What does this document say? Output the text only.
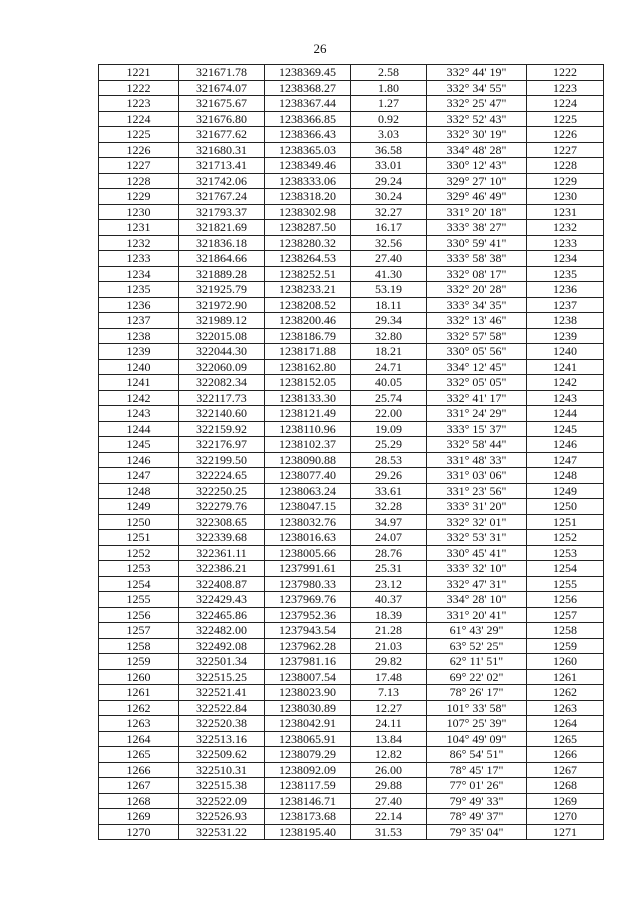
26
1221	321671.78	1238369.45	2.58	332° 44' 19"	1222
1222	321674.07	1238368.27	1.80	332° 34' 55"	1223
1223	321675.67	1238367.44	1.27	332° 25' 47"	1224
1224	321676.80	1238366.85	0.92	332° 52' 43"	1225
1225	321677.62	1238366.43	3.03	332° 30' 19"	1226
1226	321680.31	1238365.03	36.58	334° 48' 28"	1227
1227	321713.41	1238349.46	33.01	330° 12' 43"	1228
1228	321742.06	1238333.06	29.24	329° 27' 10"	1229
1229	321767.24	1238318.20	30.24	329° 46' 49"	1230
1230	321793.37	1238302.98	32.27	331° 20' 18"	1231
1231	321821.69	1238287.50	16.17	333° 38' 27"	1232
1232	321836.18	1238280.32	32.56	330° 59' 41"	1233
1233	321864.66	1238264.53	27.40	333° 58' 38"	1234
1234	321889.28	1238252.51	41.30	332° 08' 17"	1235
1235	321925.79	1238233.21	53.19	332° 20' 28"	1236
1236	321972.90	1238208.52	18.11	333° 34' 35"	1237
1237	321989.12	1238200.46	29.34	332° 13' 46"	1238
1238	322015.08	1238186.79	32.80	332° 57' 58"	1239
1239	322044.30	1238171.88	18.21	330° 05' 56"	1240
1240	322060.09	1238162.80	24.71	334° 12' 45"	1241
1241	322082.34	1238152.05	40.05	332° 05' 05"	1242
1242	322117.73	1238133.30	25.74	332° 41' 17"	1243
1243	322140.60	1238121.49	22.00	331° 24' 29"	1244
1244	322159.92	1238110.96	19.09	333° 15' 37"	1245
1245	322176.97	1238102.37	25.29	332° 58' 44"	1246
1246	322199.50	1238090.88	28.53	331° 48' 33"	1247
1247	322224.65	1238077.40	29.26	331° 03' 06"	1248
1248	322250.25	1238063.24	33.61	331° 23' 56"	1249
1249	322279.76	1238047.15	32.28	333° 31' 20"	1250
1250	322308.65	1238032.76	34.97	332° 32' 01"	1251
1251	322339.68	1238016.63	24.07	332° 53' 31"	1252
1252	322361.11	1238005.66	28.76	330° 45' 41"	1253
1253	322386.21	1237991.61	25.31	333° 32' 10"	1254
1254	322408.87	1237980.33	23.12	332° 47' 31"	1255
1255	322429.43	1237969.76	40.37	334° 28' 10"	1256
1256	322465.86	1237952.36	18.39	331° 20' 41"	1257
1257	322482.00	1237943.54	21.28	61° 43' 29"	1258
1258	322492.08	1237962.28	21.03	63° 52' 25"	1259
1259	322501.34	1237981.16	29.82	62° 11' 51"	1260
1260	322515.25	1238007.54	17.48	69° 22' 02"	1261
1261	322521.41	1238023.90	7.13	78° 26' 17"	1262
1262	322522.84	1238030.89	12.27	101° 33' 58"	1263
1263	322520.38	1238042.91	24.11	107° 25' 39"	1264
1264	322513.16	1238065.91	13.84	104° 49' 09"	1265
1265	322509.62	1238079.29	12.82	86° 54' 51"	1266
1266	322510.31	1238092.09	26.00	78° 45' 17"	1267
1267	322515.38	1238117.59	29.88	77° 01' 26"	1268
1268	322522.09	1238146.71	27.40	79° 49' 33"	1269
1269	322526.93	1238173.68	22.14	78° 49' 37"	1270
1270	322531.22	1238195.40	31.53	79° 35' 04"	1271
